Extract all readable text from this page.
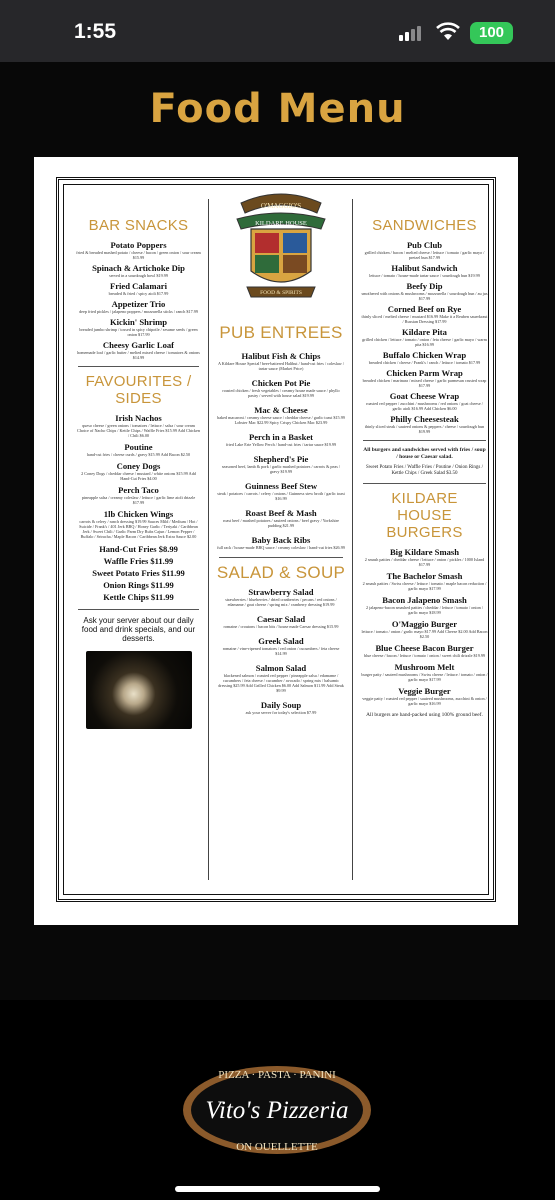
1:55	100
Food Menu
BAR SNACKS
Potato Poppers
fried & breaded mashed potato / cheese / bacon / green onion / sour cream $15.99
Spinach & Artichoke Dip
served in a sourdough bowl $19.99
Fried Calamari
breaded & fried / spicy aioli $17.99
Appetizer Trio
deep fried pickles / jalapeno poppers / mozzarella sticks / ranch $17.99
Kickin' Shrimp
breaded jumbo shrimp / tossed in spicy chipotle / sesame seeds / green onion $17.99
Cheesy Garlic Loaf
homemade loaf / garlic butter / melted mixed cheese / tomatoes & onions $14.99
FAVOURITES / SIDES
Irish Nachos
queso cheese / green onions / tomatoes / lettuce / salsa / sour cream Choice of Nacho Chips / Kettle Chips / Waffle Fries $15.99 Add Chicken / Chili $6.00
Poutine
hand-cut fries / cheese curds / gravy $15.99 Add Bacon $2.50
Coney Dogs
2 Coney Dogs / cheddar cheese / mustard / white onions $15.99 Add Hand-Cut Fries $4.00
Perch Taco
pineapple salsa / creamy coleslaw / lettuce / garlic lime aioli drizzle $17.99
1lb Chicken Wings
carrots & celery / ranch dressing $19.99 Sauces Mild / Medium / Hot / Suicide / Frank's / 401 Jerk BBQ / Honey Garlic / Teriyaki / Caribbean Jerk / Sweet Chili / Garlic Parm Dry Rubs Cajun / Lemon Pepper / Buffalo / Sriracha / Maple Bacon / Caribbean Jerk Extra Sauce $2.00
Hand-Cut Fries $8.99
Waffle Fries $11.99
Sweet Potato Fries $11.99
Onion Rings $11.99
Kettle Chips $11.99
Ask your server about our daily food and drink specials, and our desserts.
O'MAGGIO'S
KILDARE HOUSE
FOOD & SPIRITS
PUB ENTREES
Halibut Fish & Chips
A Kildare House Special! beer-battered Halibut / hand-cut fries / coleslaw / tartar sauce (Market Price)
Chicken Pot Pie
roasted chicken / fresh vegetables / creamy house made sauce / phyllo pastry / served with house salad $19.99
Mac & Cheese
baked macaroni / creamy cheese sauce / cheddar cheese / garlic toast $15.99 Lobster Mac $22.99 Spicy Crispy Chicken Mac $23.99
Perch in a Basket
fried Lake Erie Yellow Perch / hand-cut fries / tartar sauce $19.99
Shepherd's Pie
seasoned beef, lamb & pork / garlic mashed potatoes / carrots & peas / gravy $19.99
Guinness Beef Stew
steak / potatoes / carrots / celery / onions / Guinness stew broth / garlic toast $16.99
Roast Beef & Mash
roast beef / mashed potatoes / sauteed onions / beef gravy / Yorkshire pudding $21.99
Baby Back Ribs
full rack / house-made BBQ sauce / creamy coleslaw / hand-cut fries $26.99
SALAD & SOUP
Strawberry Salad
strawberries / blueberries / dried cranberries / pecans / red onions / edamame / goat cheese / spring mix / cranberry dressing $19.99
Caesar Salad
romaine / croutons / bacon bits / house made Caesar dressing $15.99
Greek Salad
romaine / vine-ripened tomatoes / red onion / cucumbers / feta cheese $14.99
Salmon Salad
blackened salmon / roasted red pepper / pineapple salsa / edamame / cucumbers / feta cheese / cucumber / avocado / spring mix / balsamic dressing $25.99 Add Grilled Chicken $6.00 Add Salmon $11.99 Add Steak $9.99
Daily Soup
ask your server for today's selection $7.99
SANDWICHES
Pub Club
grilled chicken / bacon / melted cheese / lettuce / tomato / garlic mayo / pretzel bun $17.99
Halibut Sandwich
lettuce / tomato / house-made tartar sauce / sourdough bun $19.99
Beefy Dip
smothered with onions & mushrooms / mozzarella / sourdough bun / au jus $17.99
Corned Beef on Rye
thinly sliced / melted cheese / mustard $16.99 Make it a Reuben sauerkraut / Russian Dressing $17.99
Kildare Pita
grilled chicken / lettuce / tomato / onion / feta cheese / garlic mayo / warm pita $16.99
Buffalo Chicken Wrap
breaded chicken / cheese / Frank's / ranch / lettuce / tomato $17.99
Chicken Parm Wrap
breaded chicken / marinara / mixed cheese / garlic parmesan crusted wrap $17.99
Goat Cheese Wrap
roasted red pepper / zucchini / mushrooms / red onions / goat cheese / garlic aioli $16.99 Add Chicken $6.00
Philly Cheesesteak
thinly sliced steak / sauteed onions & peppers / cheese / sourdough bun $19.99
All burgers and sandwiches served with fries / soup / house or Caesar salad.
Sweet Potato Fries / Waffle Fries / Poutine / Onion Rings / Kettle Chips / Greek Salad $3.50
KILDARE HOUSE BURGERS
Big Kildare Smash
2 smash patties / cheddar cheese / lettuce / onion / pickles / 1000 Island $17.99
The Bachelor Smash
2 smash patties / Swiss cheese / lettuce / tomato / maple bacon reduction / garlic mayo $17.99
Bacon Jalapeno Smash
2 jalapeno-bacon smashed patties / cheddar / lettuce / tomato / onion / garlic mayo $18.99
O'Maggio Burger
lettuce / tomato / onion / garlic mayo $17.99 Add Cheese $2.00 Add Bacon $2.50
Blue Cheese Bacon Burger
blue cheese / bacon / lettuce / tomato / onion / sweet chili drizzle $19.99
Mushroom Melt
burger patty / sauteed mushrooms / Swiss cheese / lettuce / tomato / onion / garlic mayo $17.99
Veggie Burger
veggie patty / roasted red pepper / sauteed mushrooms, zucchini & onion / garlic mayo $16.99
All burgers are hand-packed using 100% ground beef.
PIZZA · PASTA · PANINI
Vito's Pizzeria
ON OUELLETTE
